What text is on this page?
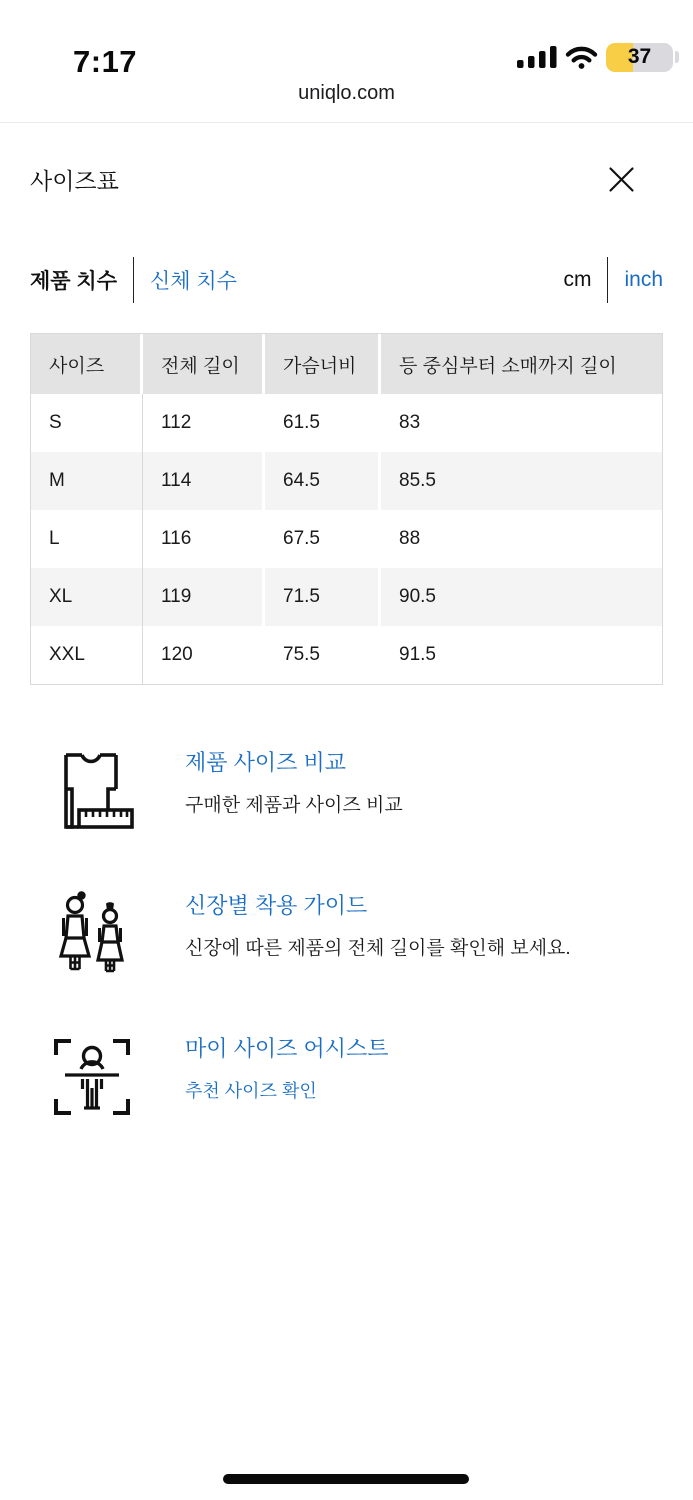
7:17	37
uniqlo.com
사이즈표
제품 치수 신체 치수	cm inch
사이즈	전체 길이	가슴너비	등 중심부터 소매까지 길이
S	112	61.5	83
M	114	64.5	85.5
L	116	67.5	88
XL	119	71.5	90.5
XXL	120	75.5	91.5
제품 사이즈 비교
구매한 제품과 사이즈 비교
신장별 착용 가이드
신장에 따른 제품의 전체 길이를 확인해 보세요.
마이 사이즈 어시스트
추천 사이즈 확인
